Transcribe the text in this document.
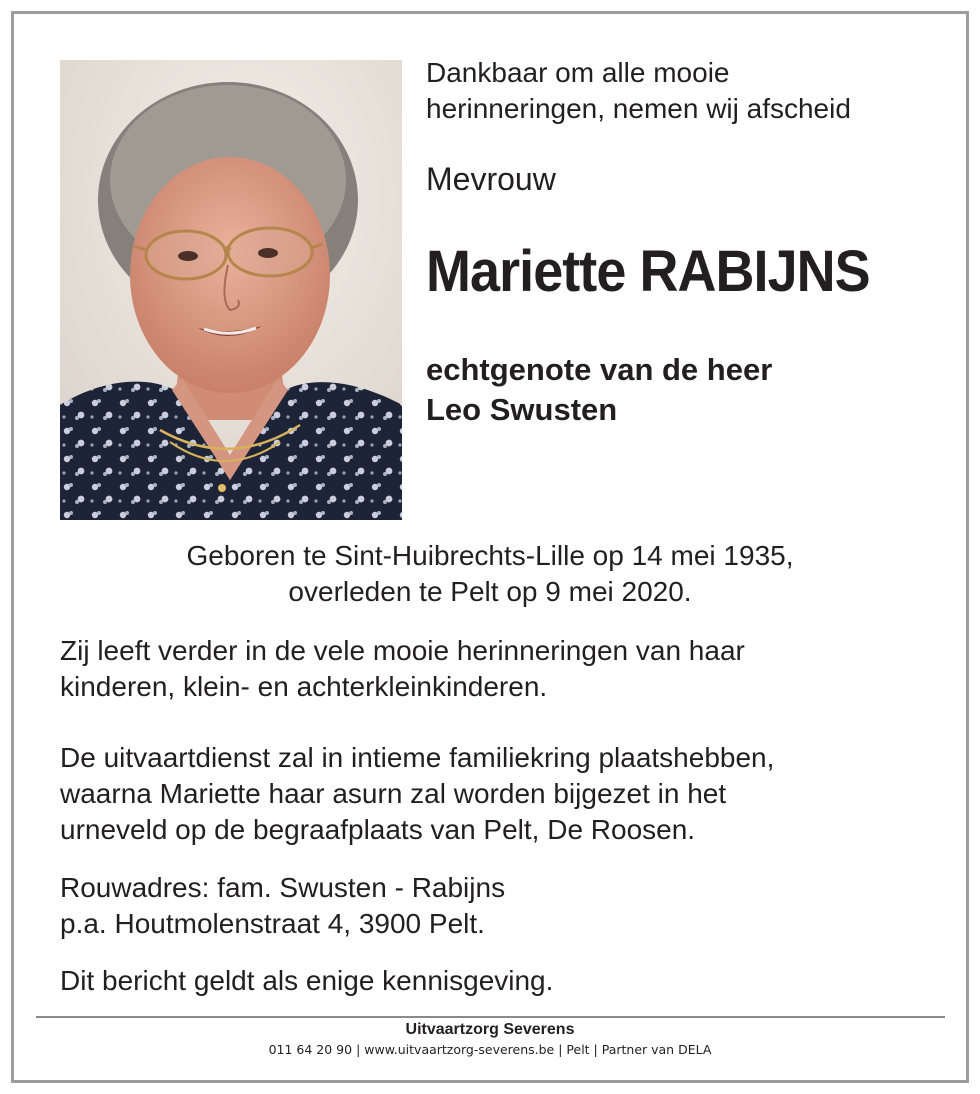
Dankbaar om alle mooie
herinneringen, nemen wij afscheid
Mevrouw
Mariette RABIJNS
echtgenote van de heer
Leo Swusten
Geboren te Sint-Huibrechts-Lille op 14 mei 1935,
overleden te Pelt op 9 mei 2020.
Zij leeft verder in de vele mooie herinneringen van haar
kinderen, klein- en achterkleinkinderen.
De uitvaartdienst zal in intieme familiekring plaatshebben,
waarna Mariette haar asurn zal worden bijgezet in het
urneveld op de begraafplaats van Pelt, De Roosen.
Rouwadres: fam. Swusten - Rabijns
p.a. Houtmolenstraat 4, 3900 Pelt.
Dit bericht geldt als enige kennisgeving.
Uitvaartzorg Severens
011 64 20 90 | www.uitvaartzorg-severens.be | Pelt | Partner van DELA
